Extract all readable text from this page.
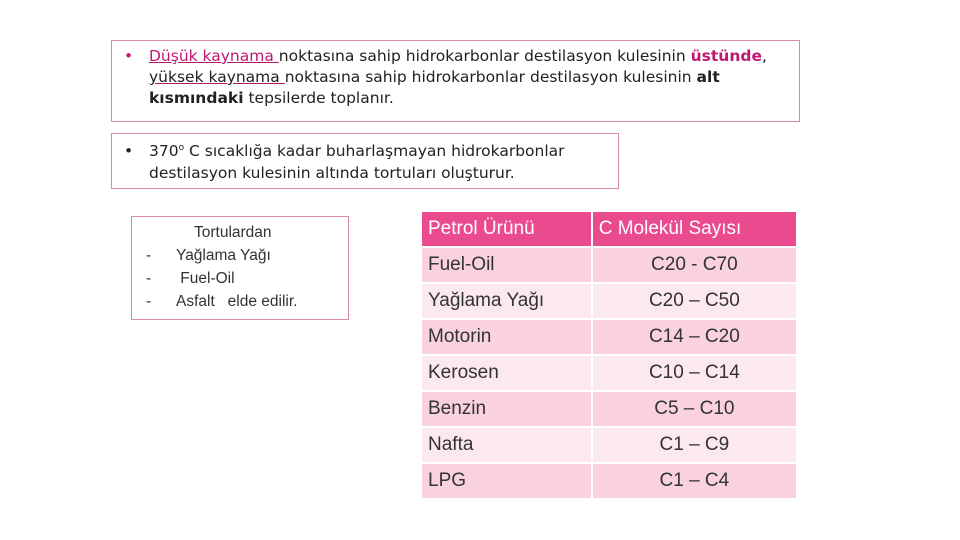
•	Düşük kaynama noktasına sahip hidrokarbonlar destilasyon kulesinin üstünde,
yüksek kaynama noktasına sahip hidrokarbonlar destilasyon kulesinin alt
kısmındaki tepsilerde toplanır.
•	370$^o$ C sıcaklığa kadar buharlaşmayan hidrokarbonlar
destilasyon kulesinin altında tortuları oluşturur.
Tortulardan
-	Yağlama Yağı
-	Fuel-Oil
-	Asfalt   elde edilir.
Petrol Ürünü	C Molekül Sayısı
Fuel-Oil	C20 - C70
Yağlama Yağı	C20 – C50
Motorin	C14 – C20
Kerosen	C10 – C14
Benzin	C5 – C10
Nafta	C1 – C9
LPG	C1 – C4
